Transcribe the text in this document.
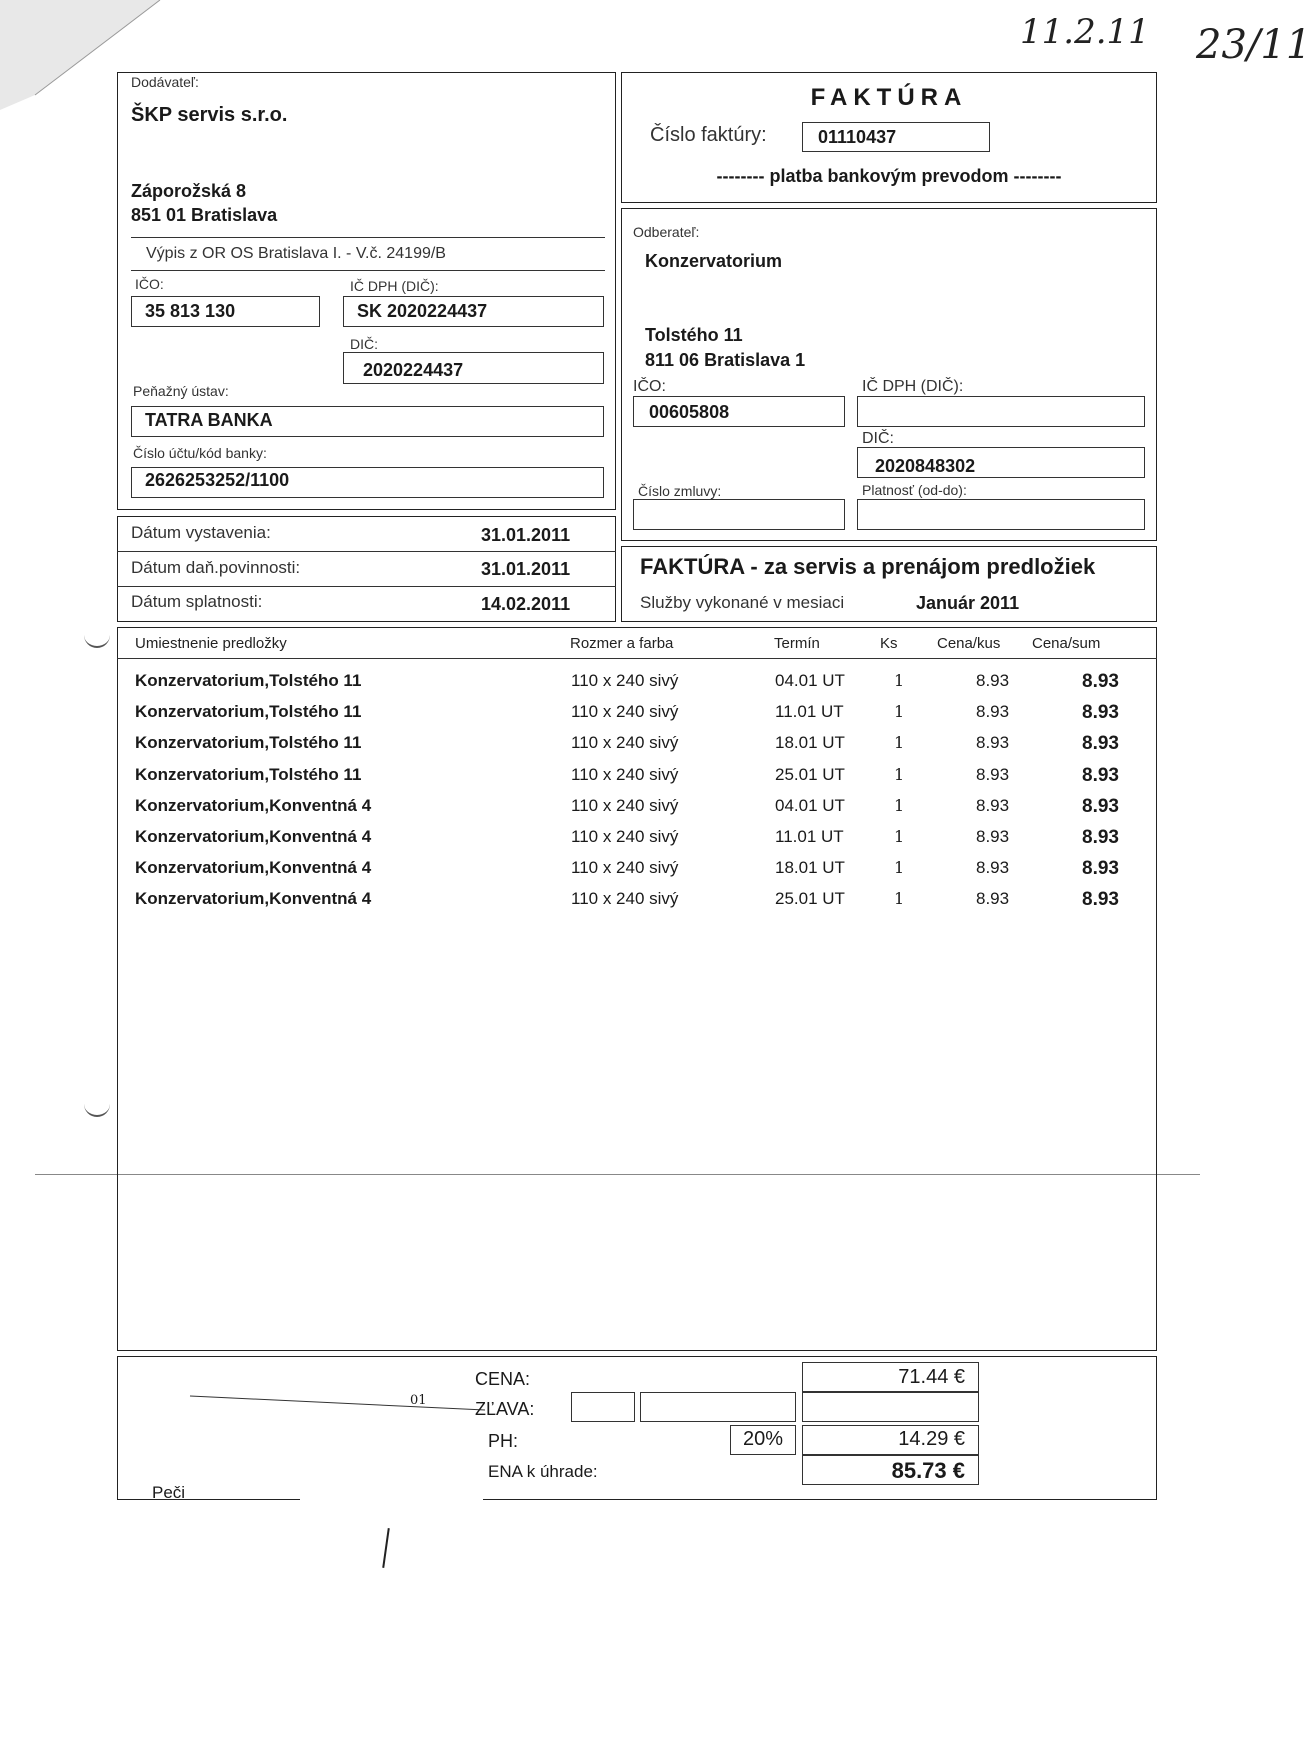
11.2.11 23/11
Dodávateľ:
ŠKP servis s.r.o.
Záporožská 8
851 01 Bratislava
Výpis z OR OS Bratislava I. - V.č. 24199/B
IČO:
35 813 130
IČ DPH (DIČ):
SK 2020224437
DIČ:
2020224437
Peňažný ústav:
TATRA BANKA
Číslo účtu/kód banky:
2626253252/1100
FAKTÚRA
Číslo faktúry:	01110437
-------- platba bankovým prevodom --------
Odberateľ:
Konzervatorium
Tolstého 11
811 06 Bratislava 1
IČO:
00605808
IČ DPH (DIČ):
DIČ:
2020848302
Číslo zmluvy:	Platnosť (od-do):
Dátum vystavenia:	31.01.2011
Dátum daň.povinnosti:	31.01.2011
Dátum splatnosti:	14.02.2011
FAKTÚRA - za servis a prenájom predložiek
Služby vykonané v mesiaci	Január 2011
Umiestnenie predložky	Rozmer a farba	Termín	Ks	Cena/kus Cena/sum
Konzervatorium,Tolstého 11	110 x 240 sivý	04.01 UT	1	8.93	8.93
Konzervatorium,Tolstého 11	110 x 240 sivý	11.01 UT	1	8.93	8.93
Konzervatorium,Tolstého 11	110 x 240 sivý	18.01 UT	1	8.93	8.93
Konzervatorium,Tolstého 11	110 x 240 sivý	25.01 UT	1	8.93	8.93
Konzervatorium,Konventná 4	110 x 240 sivý	04.01 UT	1	8.93	8.93
Konzervatorium,Konventná 4	110 x 240 sivý	11.01 UT	1	8.93	8.93
Konzervatorium,Konventná 4	110 x 240 sivý	18.01 UT	1	8.93	8.93
Konzervatorium,Konventná 4	110 x 240 sivý	25.01 UT	1	8.93	8.93
CENA:	71.44 €
01	ZĽAVA:
PH:	20%	14.29 €
ENA k úhrade:	85.73 €
Peči
